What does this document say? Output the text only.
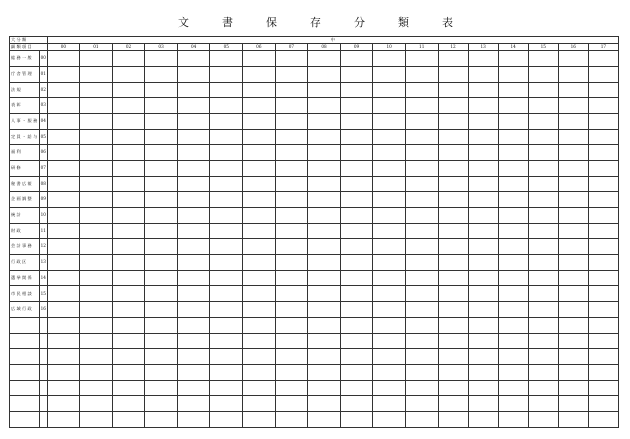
文	書	保	存	分	類	表
大 分 類		中																	
細 類 項 目		00	01	02	03	04	05	06	07	08	09	10	11	12	13	14	15	16	17
総 務 一 般	00																		
庁 舎 管 理	01																		
法 規	02																		
表 彰	03																		
人 事 ・ 服 務	04																		
定 員 ・ 給 与	05																		
福 利	06																		
研 修	07																		
秘 書 広 報	08																		
企 画 調 整	09																		
統 計	10																		
財 政	11																		
会 計 事 務	12																		
行 政 区	13																		
選 挙 関 係	14																		
市 民 相 談	15																		
広 域 行 政	16																		
